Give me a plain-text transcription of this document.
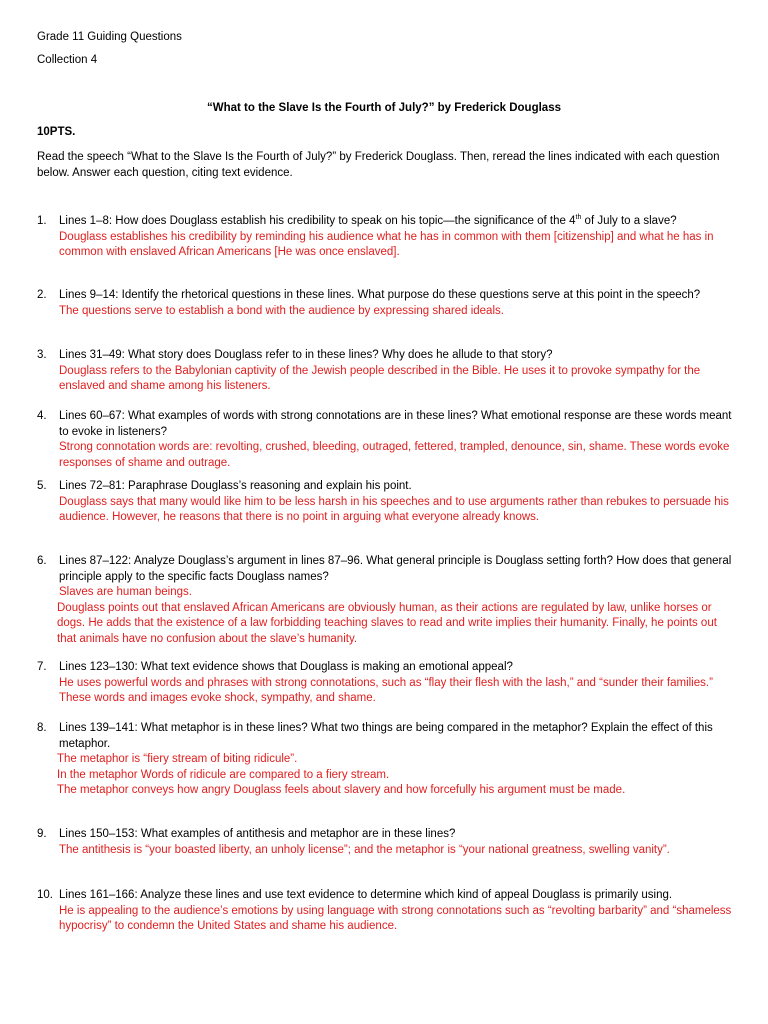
Grade 11 Guiding Questions
Collection 4
“What to the Slave Is the Fourth of July?” by Frederick Douglass
10PTS.
Read the speech “What to the Slave Is the Fourth of July?” by Frederick Douglass. Then, reread the lines indicated with each question below. Answer each question, citing text evidence.
1. Lines 1–8: How does Douglass establish his credibility to speak on his topic—the significance of the 4th of July to a slave?
Douglass establishes his credibility by reminding his audience what he has in common with them [citizenship] and what he has in common with enslaved African Americans [He was once enslaved].
2. Lines 9–14: Identify the rhetorical questions in these lines. What purpose do these questions serve at this point in the speech?
The questions serve to establish a bond with the audience by expressing shared ideals.
3. Lines 31–49: What story does Douglass refer to in these lines? Why does he allude to that story?
Douglass refers to the Babylonian captivity of the Jewish people described in the Bible. He uses it to provoke sympathy for the enslaved and shame among his listeners.
4. Lines 60–67: What examples of words with strong connotations are in these lines? What emotional response are these words meant to evoke in listeners?
Strong connotation words are: revolting, crushed, bleeding, outraged, fettered, trampled, denounce, sin, shame. These words evoke responses of shame and outrage.
5. Lines 72–81: Paraphrase Douglass’s reasoning and explain his point.
Douglass says that many would like him to be less harsh in his speeches and to use arguments rather than rebukes to persuade his audience. However, he reasons that there is no point in arguing what everyone already knows.
6. Lines 87–122: Analyze Douglass’s argument in lines 87–96. What general principle is Douglass setting forth? How does that general principle apply to the specific facts Douglass names?
Slaves are human beings.
Douglass points out that enslaved African Americans are obviously human, as their actions are regulated by law, unlike horses or dogs. He adds that the existence of a law forbidding teaching slaves to read and write implies their humanity. Finally, he points out that animals have no confusion about the slave’s humanity.
7. Lines 123–130: What text evidence shows that Douglass is making an emotional appeal?
He uses powerful words and phrases with strong connotations, such as “flay their flesh with the lash,” and “sunder their families.” These words and images evoke shock, sympathy, and shame.
8. Lines 139–141: What metaphor is in these lines? What two things are being compared in the metaphor? Explain the effect of this metaphor.
The metaphor is “fiery stream of biting ridicule”.
In the metaphor Words of ridicule are compared to a fiery stream.
The metaphor conveys how angry Douglass feels about slavery and how forcefully his argument must be made.
9. Lines 150–153: What examples of antithesis and metaphor are in these lines?
The antithesis is “your boasted liberty, an unholy license”; and the metaphor is “your national greatness, swelling vanity”.
10. Lines 161–166: Analyze these lines and use text evidence to determine which kind of appeal Douglass is primarily using.
He is appealing to the audience’s emotions by using language with strong connotations such as “revolting barbarity” and “shameless hypocrisy” to condemn the United States and shame his audience.
